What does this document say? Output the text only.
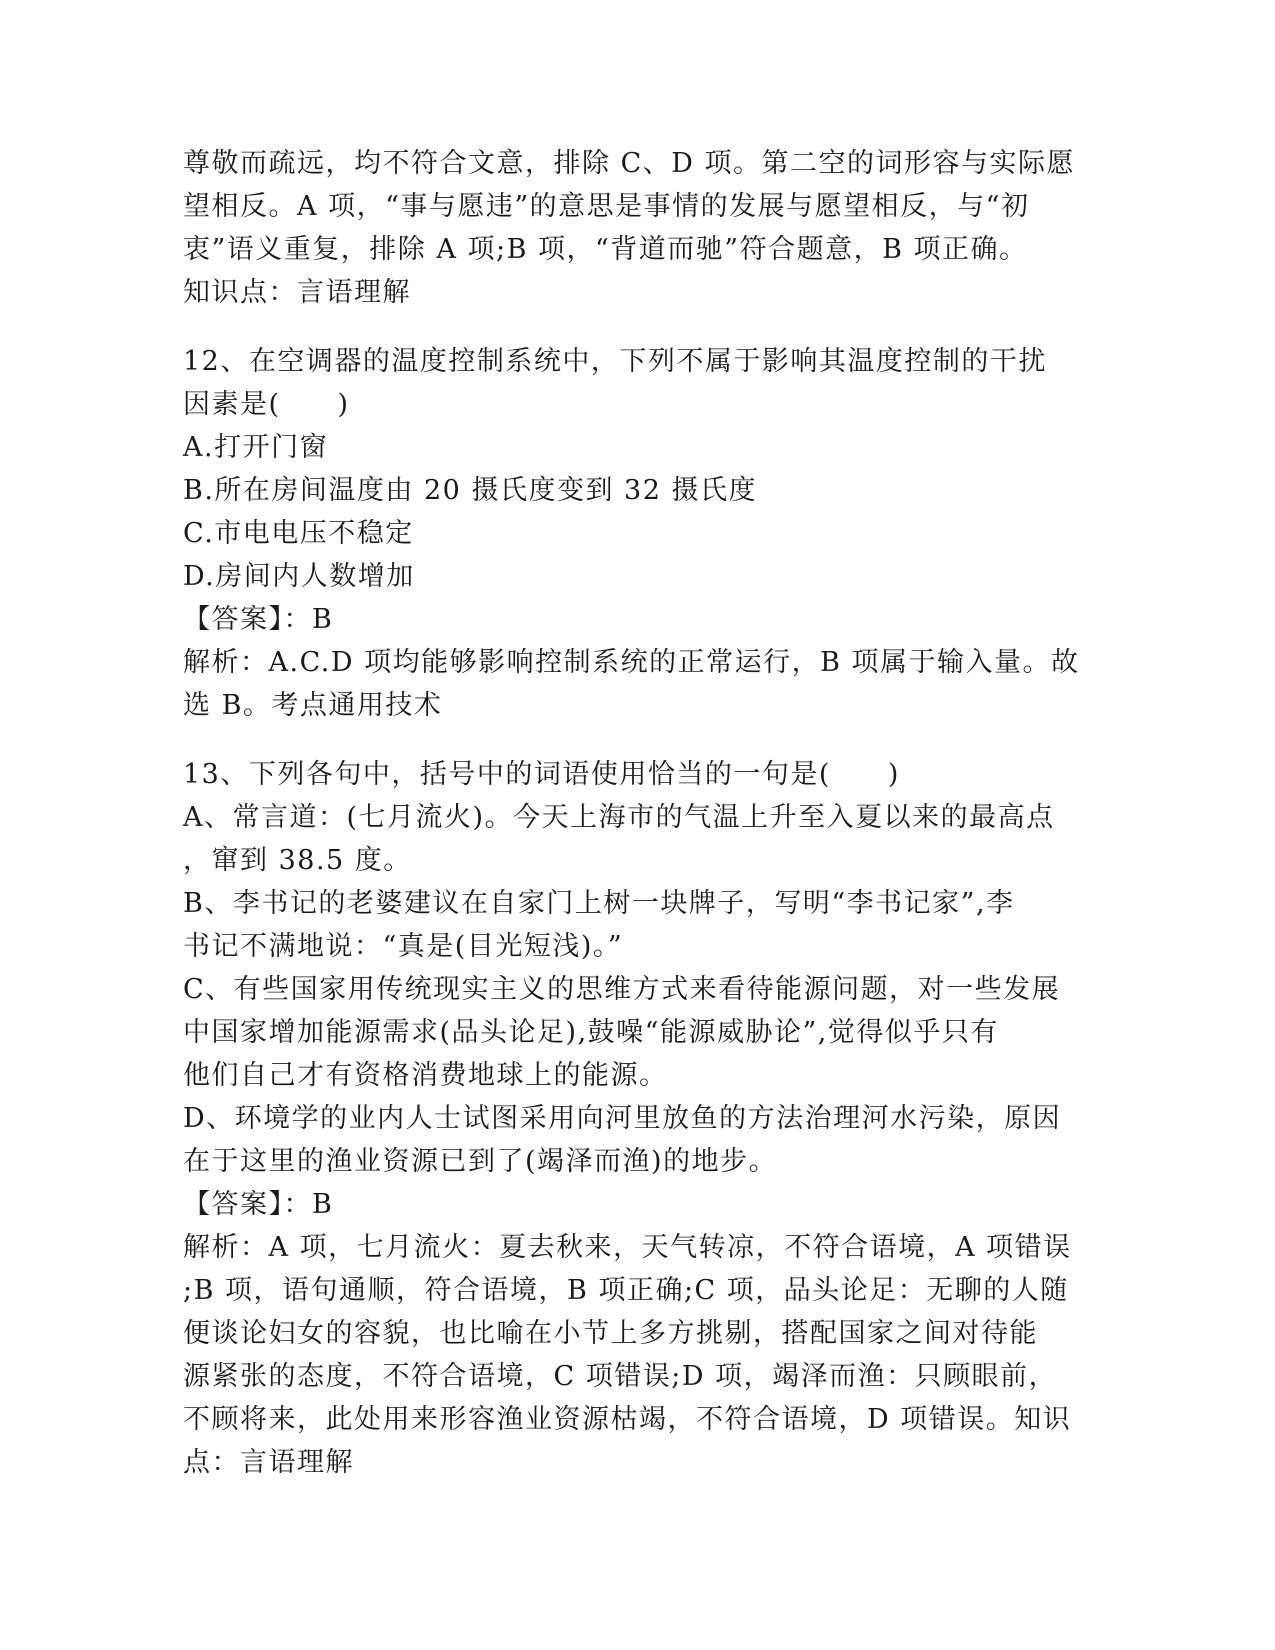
尊敬而疏远，均不符合文意，排除 C、D 项。第二空的词形容与实际愿
望相反。A 项，“事与愿违”的意思是事情的发展与愿望相反，与“初
衷”语义重复，排除 A 项;B 项，“背道而驰”符合题意，B 项正确。
知识点：言语理解
12、在空调器的温度控制系统中，下列不属于影响其温度控制的干扰
因素是(　　)
A.打开门窗
B.所在房间温度由 20 摄氏度变到 32 摄氏度
C.市电电压不稳定
D.房间内人数增加
【答案】：B
解析：A.C.D 项均能够影响控制系统的正常运行，B 项属于输入量。故
选 B。考点通用技术
13、下列各句中，括号中的词语使用恰当的一句是(　　)
A、常言道：(七月流火)。今天上海市的气温上升至入夏以来的最高点
，窜到 38.5 度。
B、李书记的老婆建议在自家门上树一块牌子，写明“李书记家”,李
书记不满地说：“真是(目光短浅)。”
C、有些国家用传统现实主义的思维方式来看待能源问题，对一些发展
中国家增加能源需求(品头论足),鼓噪“能源威胁论”,觉得似乎只有
他们自己才有资格消费地球上的能源。
D、环境学的业内人士试图采用向河里放鱼的方法治理河水污染，原因
在于这里的渔业资源已到了(竭泽而渔)的地步。
【答案】：B
解析：A 项，七月流火：夏去秋来，天气转凉，不符合语境，A 项错误
;B 项，语句通顺，符合语境，B 项正确;C 项，品头论足：无聊的人随
便谈论妇女的容貌，也比喻在小节上多方挑剔，搭配国家之间对待能
源紧张的态度，不符合语境，C 项错误;D 项，竭泽而渔：只顾眼前，
不顾将来，此处用来形容渔业资源枯竭，不符合语境，D 项错误。知识
点：言语理解
